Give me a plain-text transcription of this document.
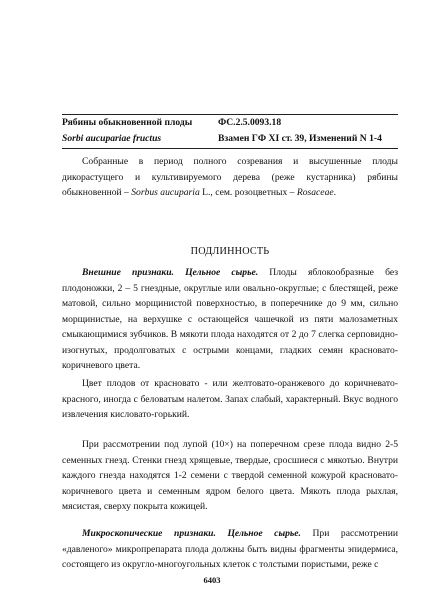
Рябины обыкновенной плоды	ФС.2.5.0093.18
Sorbi aucupariae fructus	Взамен ГФ XI ст. 39, Изменений N 1-4

Собранные в период полного созревания и высушенные плоды дикорастущего и культивируемого дерева (реже кустарника) рябины обыкновенной – Sorbus aucuparia L., сем. розоцветных – Rosaceae.

ПОДЛИННОСТЬ

Внешние признаки. Цельное сырье. Плоды яблокообразные без плодоножки, 2 – 5 гнездные, округлые или овально-округлые; с блестящей, реже матовой, сильно морщинистой поверхностью, в поперечнике до 9 мм, сильно морщинистые, на верхушке с остающейся чашечкой из пяти малозаметных смыкающимися зубчиков. В мякоти плода находятся от 2 до 7 слегка серповидно-изогнутых, продолговатых с острыми концами, гладких семян красновато-коричневого цвета.

Цвет плодов от красновато - или желтовато-оранжевого до коричневато-красного, иногда с беловатым налетом. Запах слабый, характерный. Вкус водного извлечения кисловато-горький.

При рассмотрении под лупой (10×) на поперечном срезе плода видно 2-5 семенных гнезд. Стенки гнезд хрящевые, твердые, сросшиеся с мякотью. Внутри каждого гнезда находятся 1-2 семени с твердой семенной кожурой красновато-коричневого цвета и семенным ядром белого цвета. Мякоть плода рыхлая, мясистая, сверху покрыта кожицей.

Микроскопические признаки. Цельное сырье. При рассмотрении «давленого» микропрепарата плода должны быть видны фрагменты эпидермиса, состоящего из округло-многоугольных клеток с толстыми пористыми, реже с

6403
